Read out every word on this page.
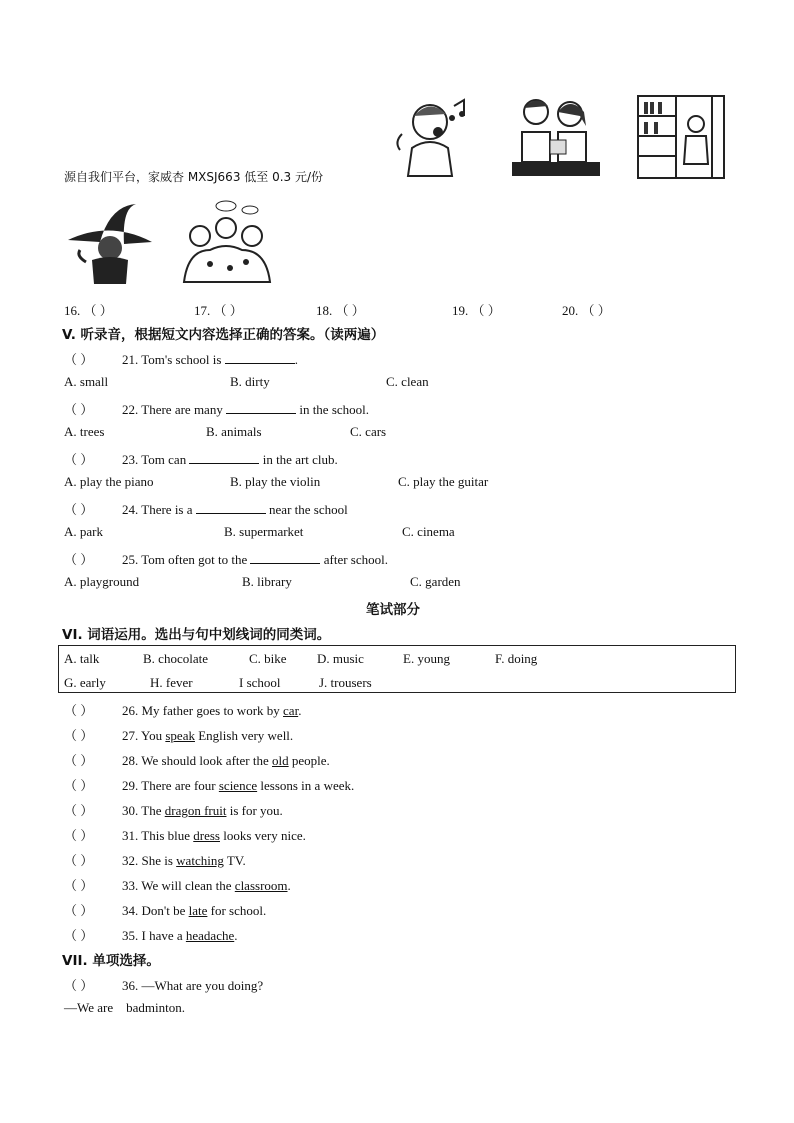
源自我们平台，家威杏 MXSJ663 低至 0.3 元/份
16. （ ）	17. （ ）	18. （ ）	19. （ ）	20. （ ）
V. 听录音，根据短文内容选择正确的答案。（读两遍）
（ ） 21. Tom's school is	.
A. small	B. dirty	C. clean
（ ） 22. There are many	in the school.
A. trees	B. animals	C. cars
（ ） 23. Tom can	in the art club.
A. play the piano	B. play the violin	C. play the guitar
（ ） 24. There is a	near the school
A. park	B. supermarket	C. cinema
（ ） 25. Tom often got to the	after school.
A. playground	B. library	C. garden
笔试部分
VI. 词语运用。选出与句中划线词的同类词。
A. talk	B. chocolate	C. bike D. music	E. young	F. doing
G. early	H. fever	I school	J. trousers
（ ） 26. My father goes to work by car.
（ ） 27. You speak English very well.
（ ） 28. We should look after the old people.
（ ） 29. There are four science lessons in a week.
（ ） 30. The dragon fruit is for you.
（ ） 31. This blue dress looks very nice.
（ ） 32. She is watching TV.
（ ） 33. We will clean the classroom.
（ ） 34. Don't be late for school.
（ ） 35. I have a headache.
VII. 单项选择。
（ ） 36. —What are you doing?
—We are    badminton.
